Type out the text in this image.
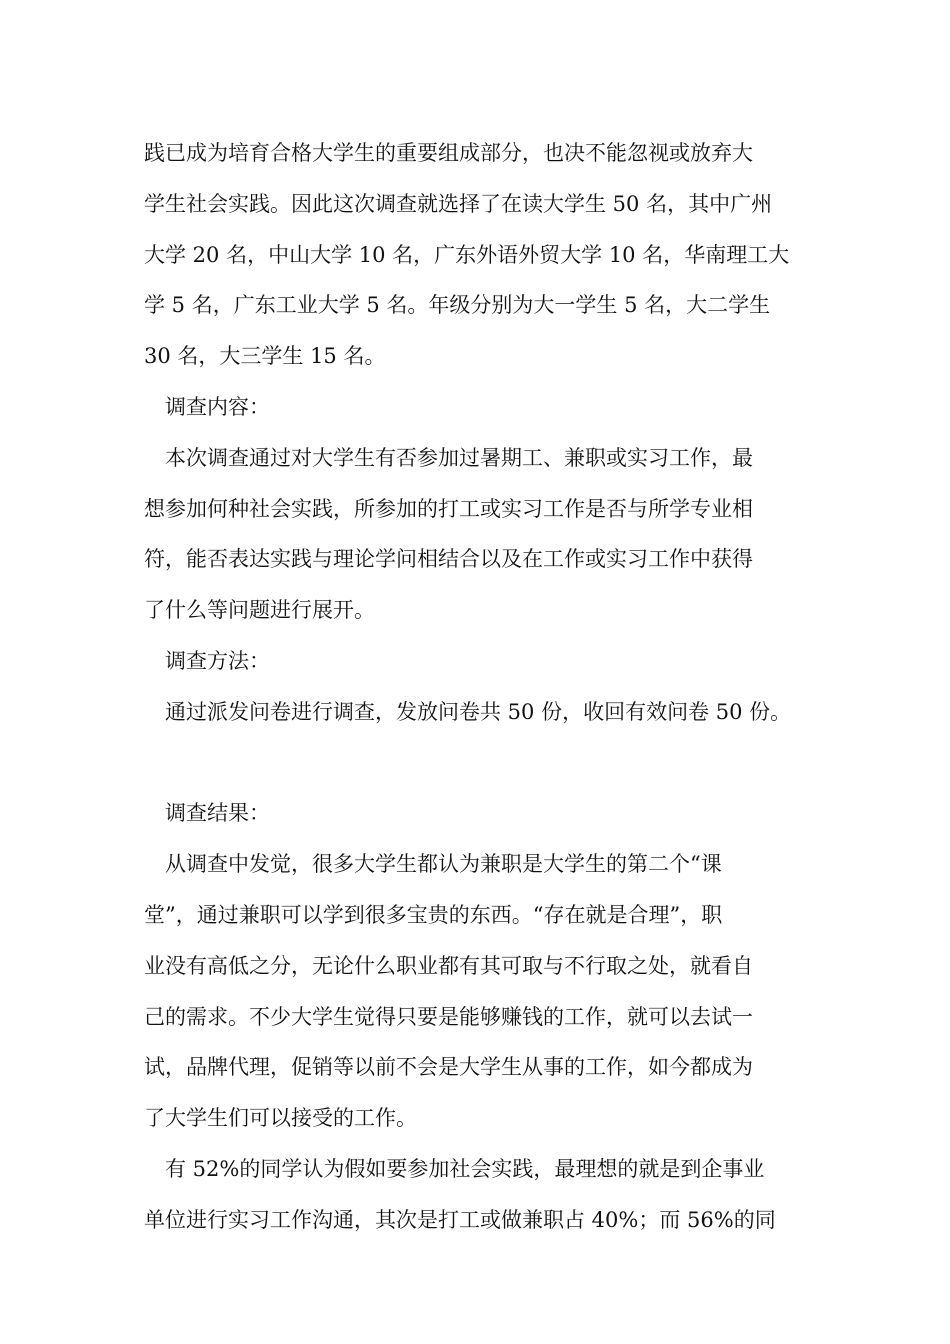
践已成为培育合格大学生的重要组成部分，也决不能忽视或放弃大
学生社会实践。因此这次调查就选择了在读大学生 50 名，其中广州
大学 20 名，中山大学 10 名，广东外语外贸大学 10 名，华南理工大
学 5 名，广东工业大学 5 名。年级分别为大一学生 5 名，大二学生
30 名，大三学生 15 名。
调查内容：
本次调查通过对大学生有否参加过暑期工、兼职或实习工作，最
想参加何种社会实践，所参加的打工或实习工作是否与所学专业相
符，能否表达实践与理论学问相结合以及在工作或实习工作中获得
了什么等问题进行展开。
调查方法：
通过派发问卷进行调查，发放问卷共 50 份，收回有效问卷 50 份。
调查结果：
从调查中发觉，很多大学生都认为兼职是大学生的第二个“课
堂”，通过兼职可以学到很多宝贵的东西。“存在就是合理”，职
业没有高低之分，无论什么职业都有其可取与不行取之处，就看自
己的需求。不少大学生觉得只要是能够赚钱的工作，就可以去试一
试，品牌代理，促销等以前不会是大学生从事的工作，如今都成为
了大学生们可以接受的工作。
有 52%的同学认为假如要参加社会实践，最理想的就是到企事业
单位进行实习工作沟通，其次是打工或做兼职占 40%；而 56%的同
